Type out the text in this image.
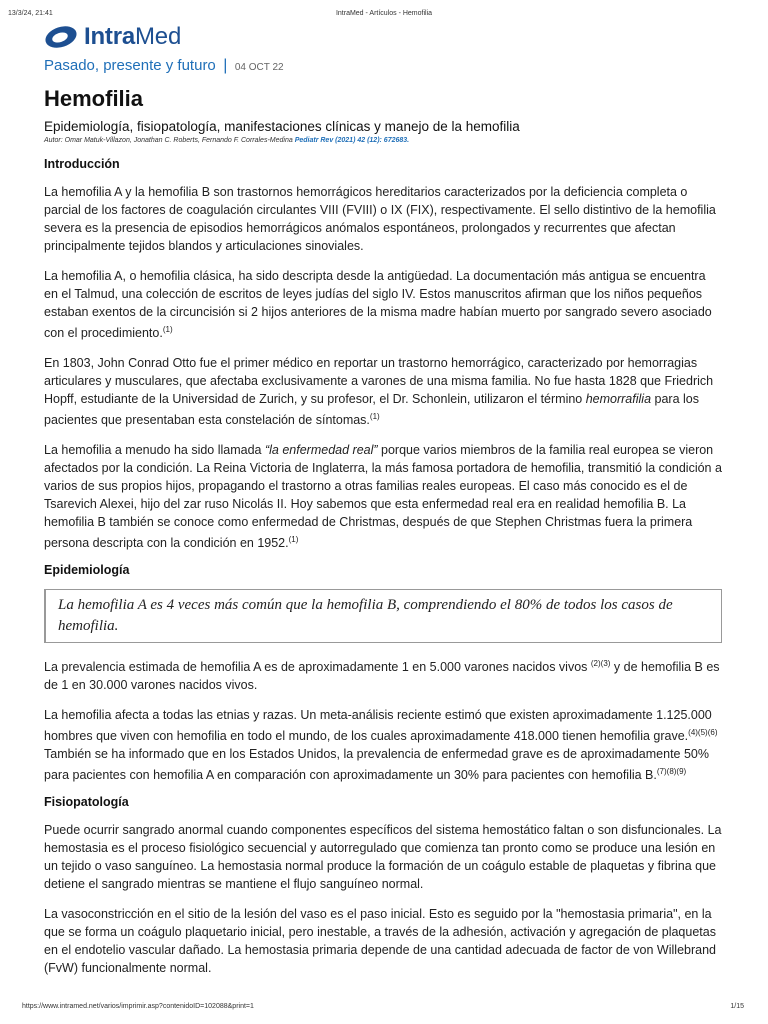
13/3/24, 21:41	IntraMed - Artículos - Hemofilia
IntraMed
Pasado, presente y futuro | 04 OCT 22
Hemofilia
Epidemiología, fisiopatología, manifestaciones clínicas y manejo de la hemofilia
Autor: Omar Matuk-Villazon, Jonathan C. Roberts, Fernando F. Corrales-Medina Pediatr Rev (2021) 42 (12): 672683.
Introducción

La hemofilia A y la hemofilia B son trastornos hemorrágicos hereditarios caracterizados por la deficiencia completa o parcial de los factores de coagulación circulantes VIII (FVIII) o IX (FIX), respectivamente. El sello distintivo de la hemofilia severa es la presencia de episodios hemorrágicos anómalos espontáneos, prolongados y recurrentes que afectan principalmente tejidos blandos y articulaciones sinoviales.

La hemofilia A, o hemofilia clásica, ha sido descripta desde la antigüedad. La documentación más antigua se encuentra en el Talmud, una colección de escritos de leyes judías del siglo IV. Estos manuscritos afirman que los niños pequeños estaban exentos de la circuncisión si 2 hijos anteriores de la misma madre habían muerto por sangrado severo asociado con el procedimiento.$^{(1)}$

En 1803, John Conrad Otto fue el primer médico en reportar un trastorno hemorrágico, caracterizado por hemorragias articulares y musculares, que afectaba exclusivamente a varones de una misma familia. No fue hasta 1828 que Friedrich Hopff, estudiante de la Universidad de Zurich, y su profesor, el Dr. Schonlein, utilizaron el término hemorrafilia para los pacientes que presentaban esta constelación de síntomas.$^{(1)}$

La hemofilia a menudo ha sido llamada “la enfermedad real” porque varios miembros de la familia real europea se vieron afectados por la condición. La Reina Victoria de Inglaterra, la más famosa portadora de hemofilia, transmitió la condición a varios de sus propios hijos, propagando el trastorno a otras familias reales europeas. El caso más conocido es el de Tsarevich Alexei, hijo del zar ruso Nicolás II. Hoy sabemos que esta enfermedad real era en realidad hemofilia B. La hemofilia B también se conoce como enfermedad de Christmas, después de que Stephen Christmas fuera la primera persona descripta con la condición en 1952.$^{(1)}$

Epidemiología
La hemofilia A es 4 veces más común que la hemofilia B, comprendiendo el 80% de todos los casos de hemofilia.

La prevalencia estimada de hemofilia A es de aproximadamente 1 en 5.000 varones nacidos vivos $^{(2)(3)}$ y de hemofilia B es de 1 en 30.000 varones nacidos vivos.

La hemofilia afecta a todas las etnias y razas. Un meta-análisis reciente estimó que existen aproximadamente 1.125.000 hombres que viven con hemofilia en todo el mundo, de los cuales aproximadamente 418.000 tienen hemofilia grave.$^{(4)(5)(6)}$ También se ha informado que en los Estados Unidos, la prevalencia de enfermedad grave es de aproximadamente 50% para pacientes con hemofilia A en comparación con aproximadamente un 30% para pacientes con hemofilia B.$^{(7)(8)(9)}$

Fisiopatología

Puede ocurrir sangrado anormal cuando componentes específicos del sistema hemostático faltan o son disfuncionales. La hemostasia es el proceso fisiológico secuencial y autorregulado que comienza tan pronto como se produce una lesión en un tejido o vaso sanguíneo. La hemostasia normal produce la formación de un coágulo estable de plaquetas y fibrina que detiene el sangrado mientras se mantiene el flujo sanguíneo normal.

La vasoconstricción en el sitio de la lesión del vaso es el paso inicial. Esto es seguido por la "hemostasia primaria", en la que se forma un coágulo plaquetario inicial, pero inestable, a través de la adhesión, activación y agregación de plaquetas en el endotelio vascular dañado. La hemostasia primaria depende de una cantidad adecuada de factor de von Willebrand (FvW) funcionalmente normal.

https://www.intramed.net/varios/imprimir.asp?contenidoID=102088&print=1	1/15
